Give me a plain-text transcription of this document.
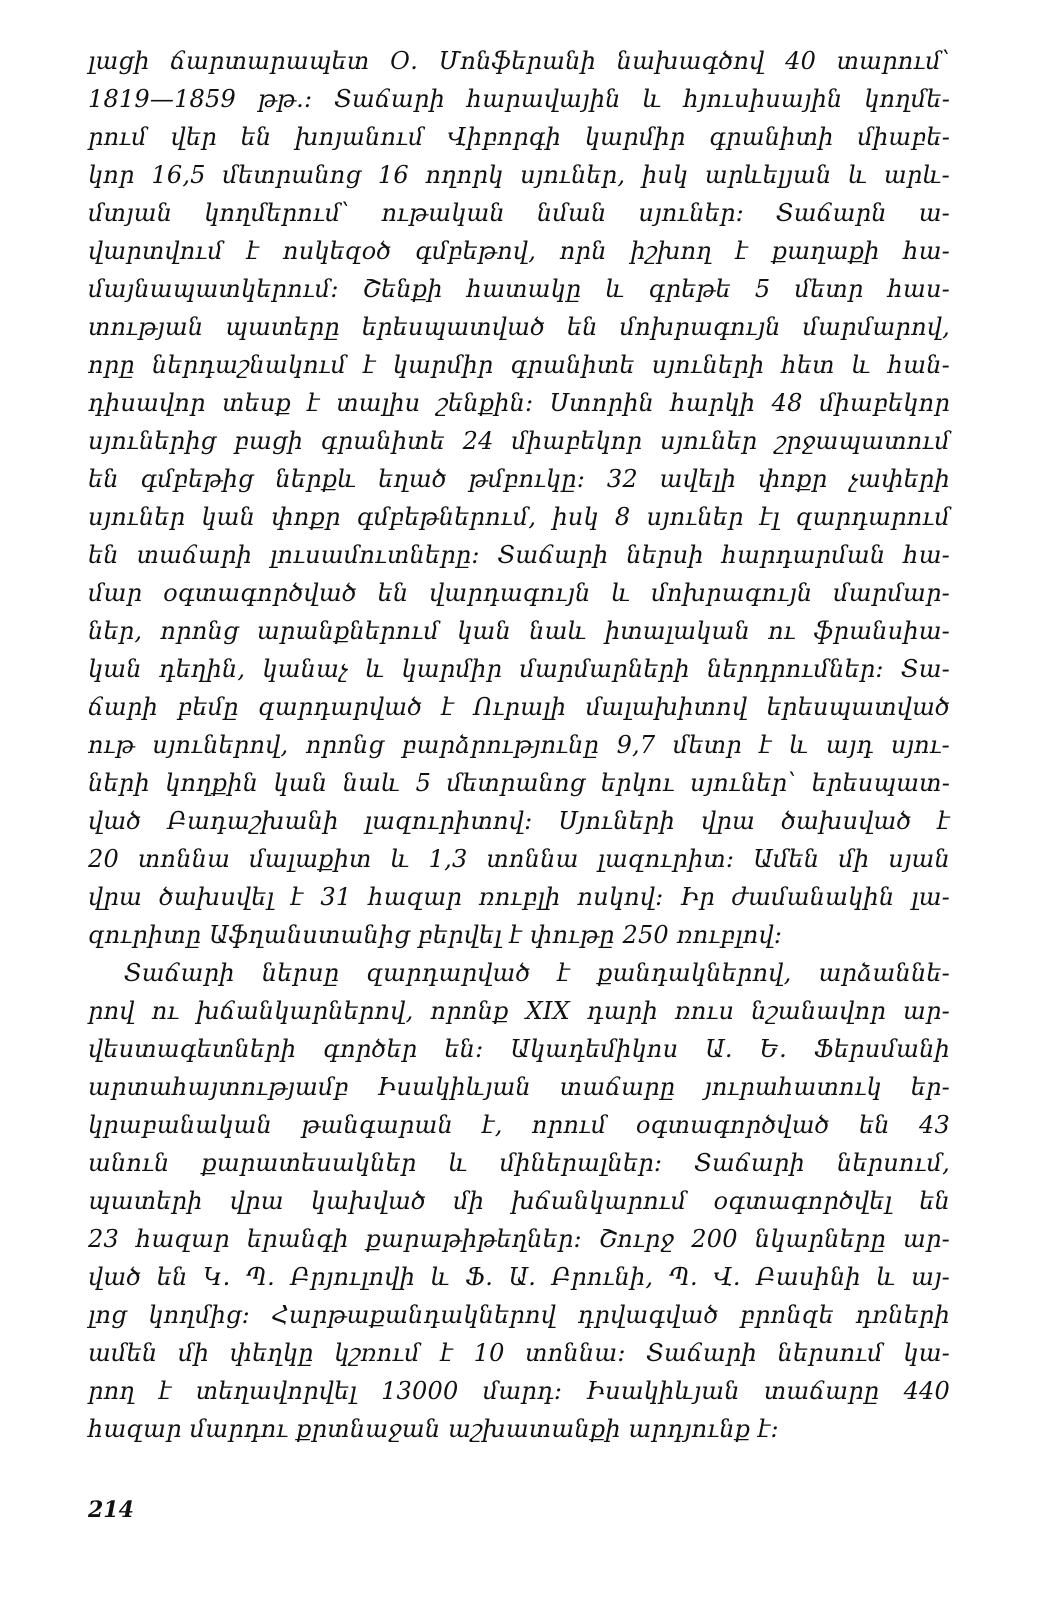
լացի ճարտարապետ Օ. Մոնֆերանի նախագծով 40 տարում՝
1819—1859 թթ.։ Տաճարի հարավային և հյուսիսային կողմե-
րում վեր են խոյանում Վիբորգի կարմիր գրանիտի միաբե-
կոր 16,5 մետրանոց 16 ողորկ սյուներ, իսկ արևելյան և արև-
մտյան կողմերում՝ ութական նման սյուներ։ Տաճարն ա-
վարտվում է ոսկեզօծ գմբեթով, որն իշխող է քաղաքի հա-
մայնապատկերում։ Շենքի հատակը և գրեթե 5 մետր հաս-
տության պատերը երեսպատված են մոխրագույն մարմարով,
որը ներդաշնակում է կարմիր գրանիտե սյուների հետ և հան-
դիսավոր տեսք է տալիս շենքին։ Ստորին հարկի 48 միաբեկոր
սյուներից բացի գրանիտե 24 միաբեկոր սյուներ շրջապատում
են գմբեթից ներքև եղած թմբուկը։ 32 ավելի փոքր չափերի
սյուներ կան փոքր գմբեթներում, իսկ 8 սյուներ էլ զարդարում
են տաճարի լուսամուտները։ Տաճարի ներսի հարդարման հա-
մար օգտագործված են վարդագույն և մոխրագույն մարմար-
ներ, որոնց արանքներում կան նաև իտալական ու ֆրանսիա-
կան դեղին, կանաչ և կարմիր մարմարների ներդրումներ։ Տա-
ճարի բեմը զարդարված է Ուրալի մալախիտով երեսպատված
ութ սյուներով, որոնց բարձրությունը 9,7 մետր է և այդ սյու-
ների կողքին կան նաև 5 մետրանոց երկու սյուներ՝ երեսպատ-
ված Բադաշխանի լազուրիտով։ Սյուների վրա ծախսված է
20 տոննա մալաքիտ և 1,3 տոննա լազուրիտ։ Ամեն մի սյան
վրա ծախսվել է 31 հազար ռուբլի ոսկով։ Իր ժամանակին լա-
զուրիտը Աֆղանստանից բերվել է փութը 250 ռուբլով։
Տաճարի ներսը զարդարված է քանդակներով, արձաննե-
րով ու խճանկարներով, որոնք XIX դարի ռուս նշանավոր ար-
վեստագետների գործեր են։ Ակադեմիկոս Ա. Ե. Ֆերսմանի
արտահայտությամբ Իսակիևյան տաճարը յուրահատուկ եր-
կրաբանական թանգարան է, որում օգտագործված են 43
անուն քարատեսակներ և միներալներ։ Տաճարի ներսում,
պատերի վրա կախված մի խճանկարում օգտագործվել են
23 հազար երանգի քարաթիթեղներ։ Շուրջ 200 նկարները ար-
ված են Կ. Պ. Բրյուլովի և Ֆ. Ա. Բրունի, Պ. Վ. Բասինի և այ-
լոց կողմից։ Հարթաքանդակներով դրվագված բրոնզե դռների
ամեն մի փեղկը կշռում է 10 տոննա։ Տաճարի ներսում կա-
րող է տեղավորվել 13000 մարդ։ Իսակիևյան տաճարը 440
հազար մարդու քրտնաջան աշխատանքի արդյունք է։
214
